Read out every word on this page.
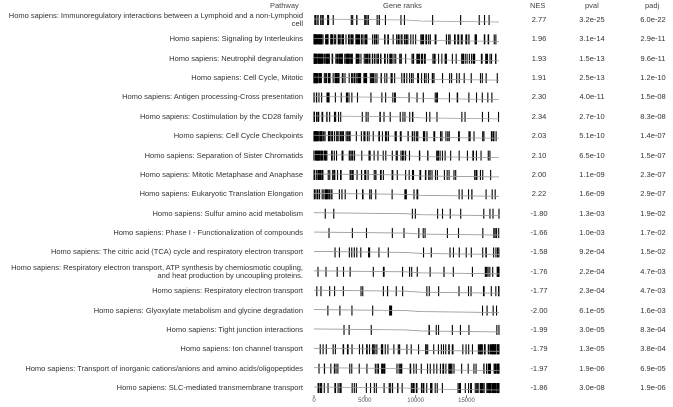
Pathway	Gene ranks	NES	pval	padj
Homo sapiens: Immunoregulatory interactions between a Lymphoid and a non-Lymphoid cell	2.77	3.2e-25	6.0e-22
Homo sapiens: Signaling by Interleukins	1.96	3.1e-14	2.9e-11
Homo sapiens: Neutrophil degranulation	1.93	1.5e-13	9.6e-11
Homo sapiens: Cell Cycle, Mitotic	1.91	2.5e-13	1.2e-10
Homo sapiens: Antigen processing-Cross presentation	2.30	4.0e-11	1.5e-08
Homo sapiens: Costimulation by the CD28 family	2.34	2.7e-10	8.3e-08
Homo sapiens: Cell Cycle Checkpoints	2.03	5.1e-10	1.4e-07
Homo sapiens: Separation of Sister Chromatids	2.10	6.5e-10	1.5e-07
Homo sapiens: Mitotic Metaphase and Anaphase	2.00	1.1e-09	2.3e-07
Homo sapiens: Eukaryotic Translation Elongation	2.22	1.6e-09	2.9e-07
Homo sapiens: Sulfur amino acid metabolism	-1.80	1.3e-03	1.9e-02
Homo sapiens: Phase I - Functionalization of compounds	-1.66	1.0e-03	1.7e-02
Homo sapiens: The citric acid (TCA) cycle and respiratory electron transport	-1.58	9.2e-04	1.5e-02
Homo sapiens: Respiratory electron transport, ATP synthesis by chemiosmotic coupling, and heat production by uncoupling proteins.	-1.76	2.2e-04	4.7e-03
Homo sapiens: Respiratory electron transport	-1.77	2.3e-04	4.7e-03
Homo sapiens: Glyoxylate metabolism and glycine degradation	-2.00	6.1e-05	1.6e-03
Homo sapiens: Tight junction interactions	-1.99	3.0e-05	8.3e-04
Homo sapiens: Ion channel transport	-1.79	1.3e-05	3.8e-04
Homo sapiens: Transport of inorganic cations/anions and amino acids/oligopeptides	-1.97	1.9e-06	6.9e-05
Homo sapiens: SLC-mediated transmembrane transport	-1.86	3.0e-08	1.9e-06
0	5000	10000	15000
